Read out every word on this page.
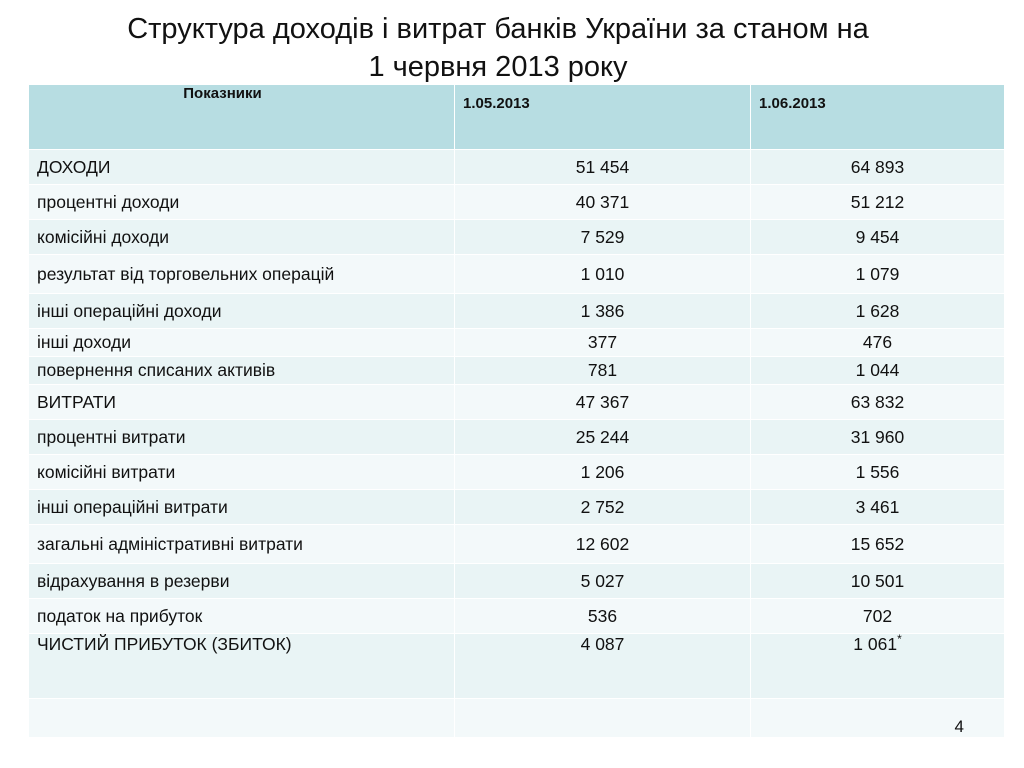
Структура доходів і витрат банків України за станом на
1 червня 2013 року
Показники	1.05.2013	1.06.2013
ДОХОДИ	51 454	64 893
процентні доходи	40 371	51 212
комісійні доходи	7 529	9 454
результат від торговельних операцій	1 010	1 079
інші операційні доходи	1 386	1 628
інші доходи	377	476
повернення списаних активів	781	1 044
ВИТРАТИ	47 367	63 832
процентні витрати	25 244	31 960
комісійні витрати	1 206	1 556
інші операційні витрати	2 752	3 461
загальні адміністративні витрати	12 602	15 652
відрахування в резерви	5 027	10 501
податок на прибуток	536	702
ЧИСТИЙ ПРИБУТОК (ЗБИТОК)	4 087	1 061*
		4
